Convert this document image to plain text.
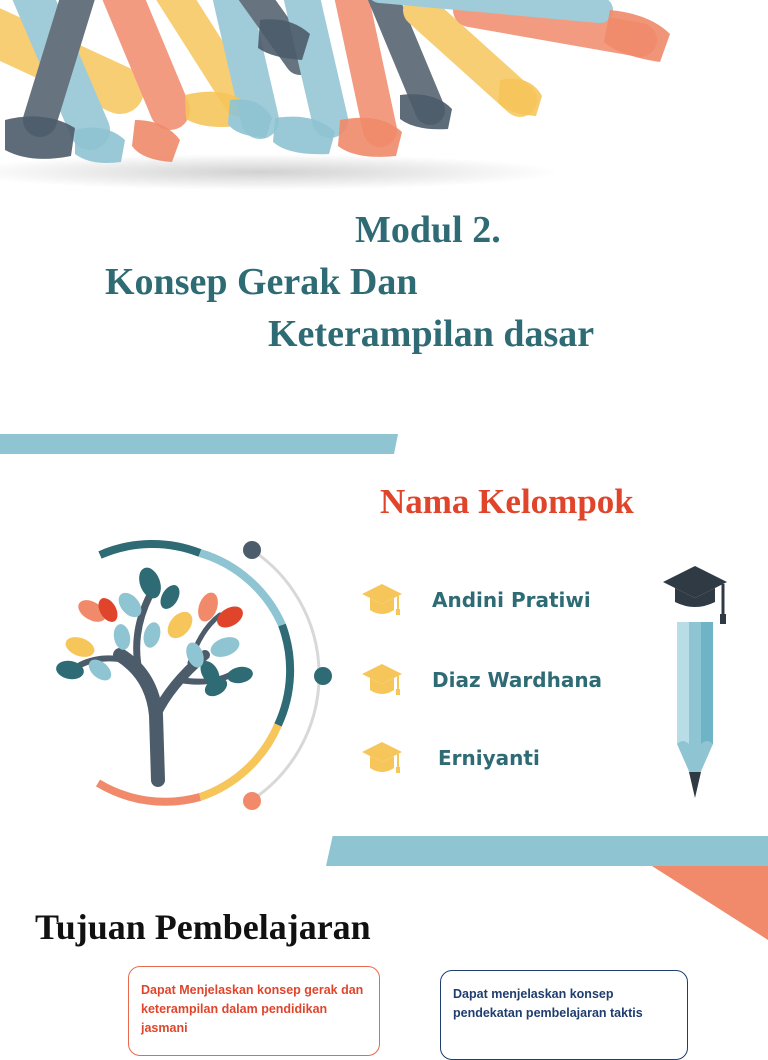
Modul 2.
Konsep Gerak Dan
Keterampilan dasar
Nama Kelompok
Andini Pratiwi
Diaz Wardhana
Erniyanti
Tujuan Pembelajaran
Dapat Menjelaskan konsep gerak dan keterampilan dalam pendidikan jasmani
Dapat menjelaskan konsep pendekatan pembelajaran taktis
